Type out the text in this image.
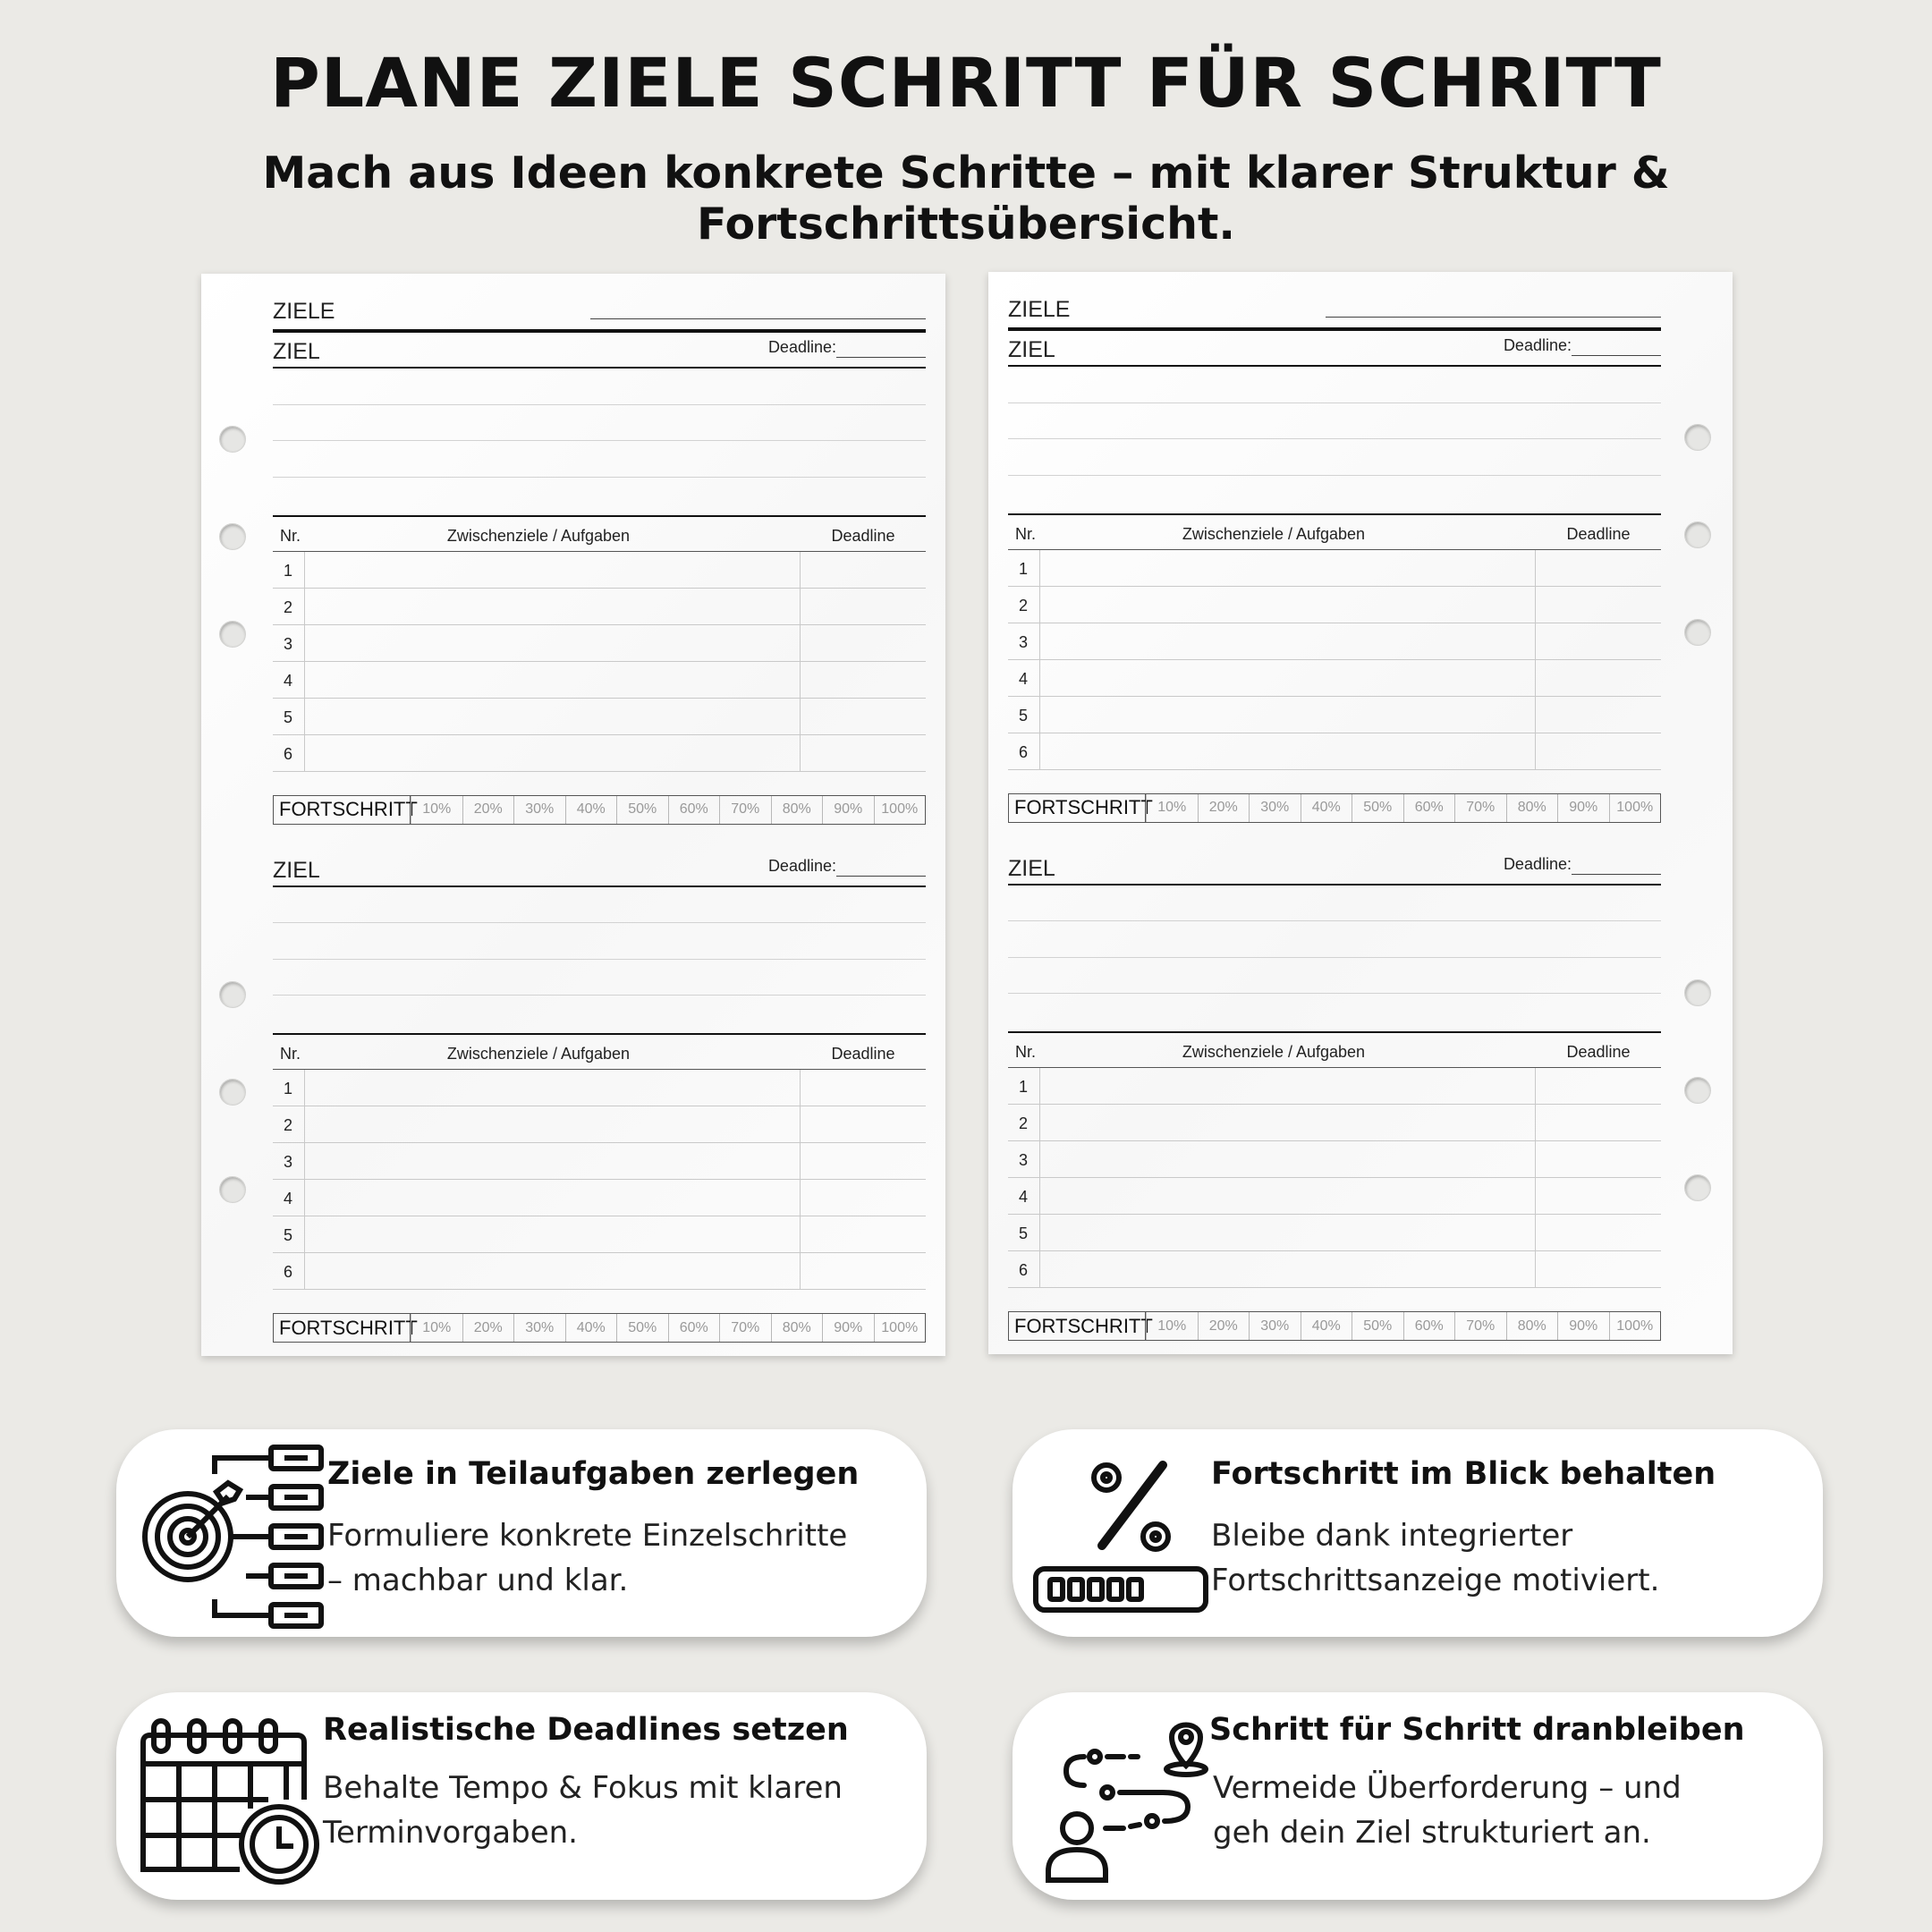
PLANE ZIELE SCHRITT FÜR SCHRITT
Mach aus Ideen konkrete Schritte – mit klarer Struktur & Fortschrittsübersicht.
ZIELE
ZIEL	Deadline:
Nr.	Zwischenziele / Aufgaben	Deadline
1
2
3
4
5
6
FORTSCHRITT 10%	20%	30%	40%	50%	60%	70%	80%	90%	100%
ZIEL	Deadline:
Nr.	Zwischenziele / Aufgaben	Deadline
1
2
3
4
5
6
FORTSCHRITT 10%	20%	30%	40%	50%	60%	70%	80%	90%	100%
ZIELE
ZIEL	Deadline:
Nr.	Zwischenziele / Aufgaben	Deadline
1
2
3
4
5
6
FORTSCHRITT 10%	20%	30%	40%	50%	60%	70%	80%	90%	100%
ZIEL	Deadline:
Nr.	Zwischenziele / Aufgaben	Deadline
1
2
3
4
5
6
FORTSCHRITT 10%	20%	30%	40%	50%	60%	70%	80%	90%	100%
Ziele in Teilaufgaben zerlegen
Formuliere konkrete Einzelschritte
– machbar und klar.
Fortschritt im Blick behalten
Bleibe dank integrierter
Fortschrittsanzeige motiviert.
Realistische Deadlines setzen
Behalte Tempo & Fokus mit klaren
Terminvorgaben.
Schritt für Schritt dranbleiben
Vermeide Überforderung – und
geh dein Ziel strukturiert an.
